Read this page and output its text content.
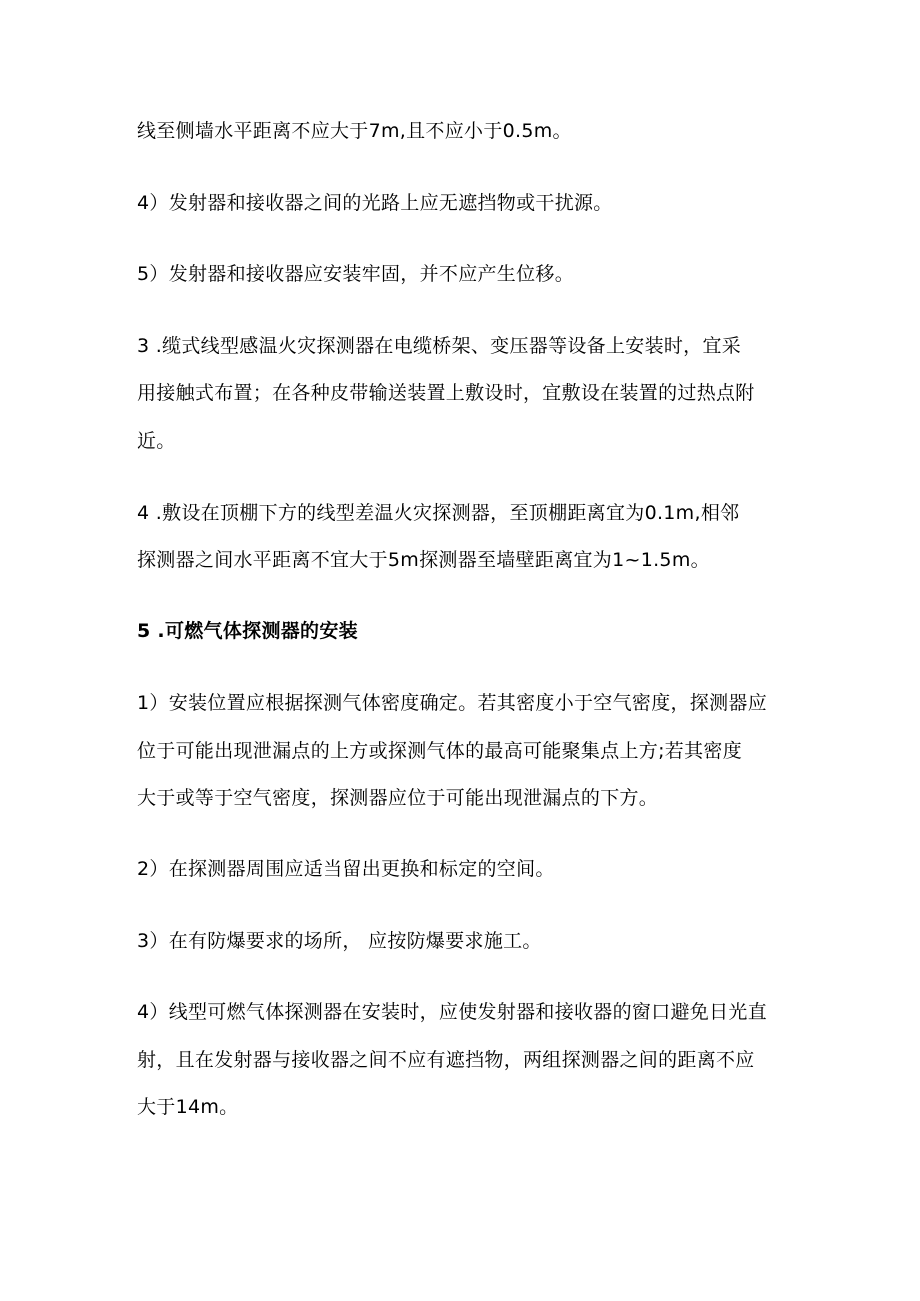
线至侧墙水平距离不应大于7m,且不应小于0.5m。
4）发射器和接收器之间的光路上应无遮挡物或干扰源。
5）发射器和接收器应安装牢固，并不应产生位移。
3 .缆式线型感温火灾探测器在电缆桥架、变压器等设备上安装时，宜采
用接触式布置；在各种皮带输送装置上敷设时，宜敷设在装置的过热点附
近。
4 .敷设在顶棚下方的线型差温火灾探测器，至顶棚距离宜为0.1m,相邻
探测器之间水平距离不宜大于5m探测器至墙壁距离宜为1~1.5m。
5 .可燃气体探测器的安装
1）安装位置应根据探测气体密度确定。若其密度小于空气密度，探测器应
位于可能出现泄漏点的上方或探测气体的最高可能聚集点上方;若其密度
大于或等于空气密度，探测器应位于可能出现泄漏点的下方。
2）在探测器周围应适当留出更换和标定的空间。
3）在有防爆要求的场所， 应按防爆要求施工。
4）线型可燃气体探测器在安装时，应使发射器和接收器的窗口避免日光直
射，且在发射器与接收器之间不应有遮挡物，两组探测器之间的距离不应
大于14m。
